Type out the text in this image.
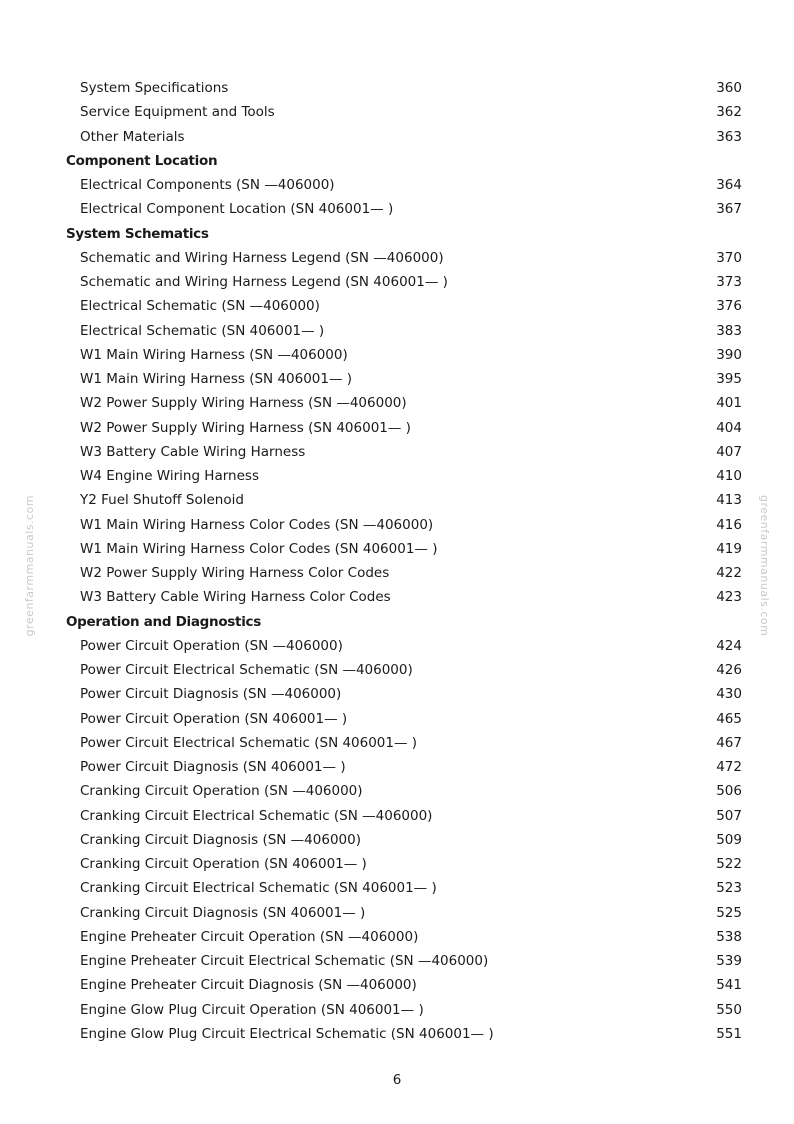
greenfarmmanuals.com	greenfarmmanuals.com
System Specifications	360
Service Equipment and Tools	362
Other Materials	363
Component Location
Electrical Components (SN —406000)	364
Electrical Component Location (SN 406001— )	367
System Schematics
Schematic and Wiring Harness Legend (SN —406000)	370
Schematic and Wiring Harness Legend (SN 406001— )	373
Electrical Schematic (SN —406000)	376
Electrical Schematic (SN 406001— )	383
W1 Main Wiring Harness (SN —406000)	390
W1 Main Wiring Harness (SN 406001— )	395
W2 Power Supply Wiring Harness (SN —406000)	401
W2 Power Supply Wiring Harness (SN 406001— )	404
W3 Battery Cable Wiring Harness	407
W4 Engine Wiring Harness	410
Y2 Fuel Shutoff Solenoid	413
W1 Main Wiring Harness Color Codes (SN —406000)	416
W1 Main Wiring Harness Color Codes (SN 406001— )	419
W2 Power Supply Wiring Harness Color Codes	422
W3 Battery Cable Wiring Harness Color Codes	423
Operation and Diagnostics
Power Circuit Operation (SN —406000)	424
Power Circuit Electrical Schematic (SN —406000)	426
Power Circuit Diagnosis (SN —406000)	430
Power Circuit Operation (SN 406001— )	465
Power Circuit Electrical Schematic (SN 406001— )	467
Power Circuit Diagnosis (SN 406001— )	472
Cranking Circuit Operation (SN —406000)	506
Cranking Circuit Electrical Schematic (SN —406000)	507
Cranking Circuit Diagnosis (SN —406000)	509
Cranking Circuit Operation (SN 406001— )	522
Cranking Circuit Electrical Schematic (SN 406001— )	523
Cranking Circuit Diagnosis (SN 406001— )	525
Engine Preheater Circuit Operation (SN —406000)	538
Engine Preheater Circuit Electrical Schematic (SN —406000)	539
Engine Preheater Circuit Diagnosis (SN —406000)	541
Engine Glow Plug Circuit Operation (SN 406001— )	550
Engine Glow Plug Circuit Electrical Schematic (SN 406001— )	551
6
